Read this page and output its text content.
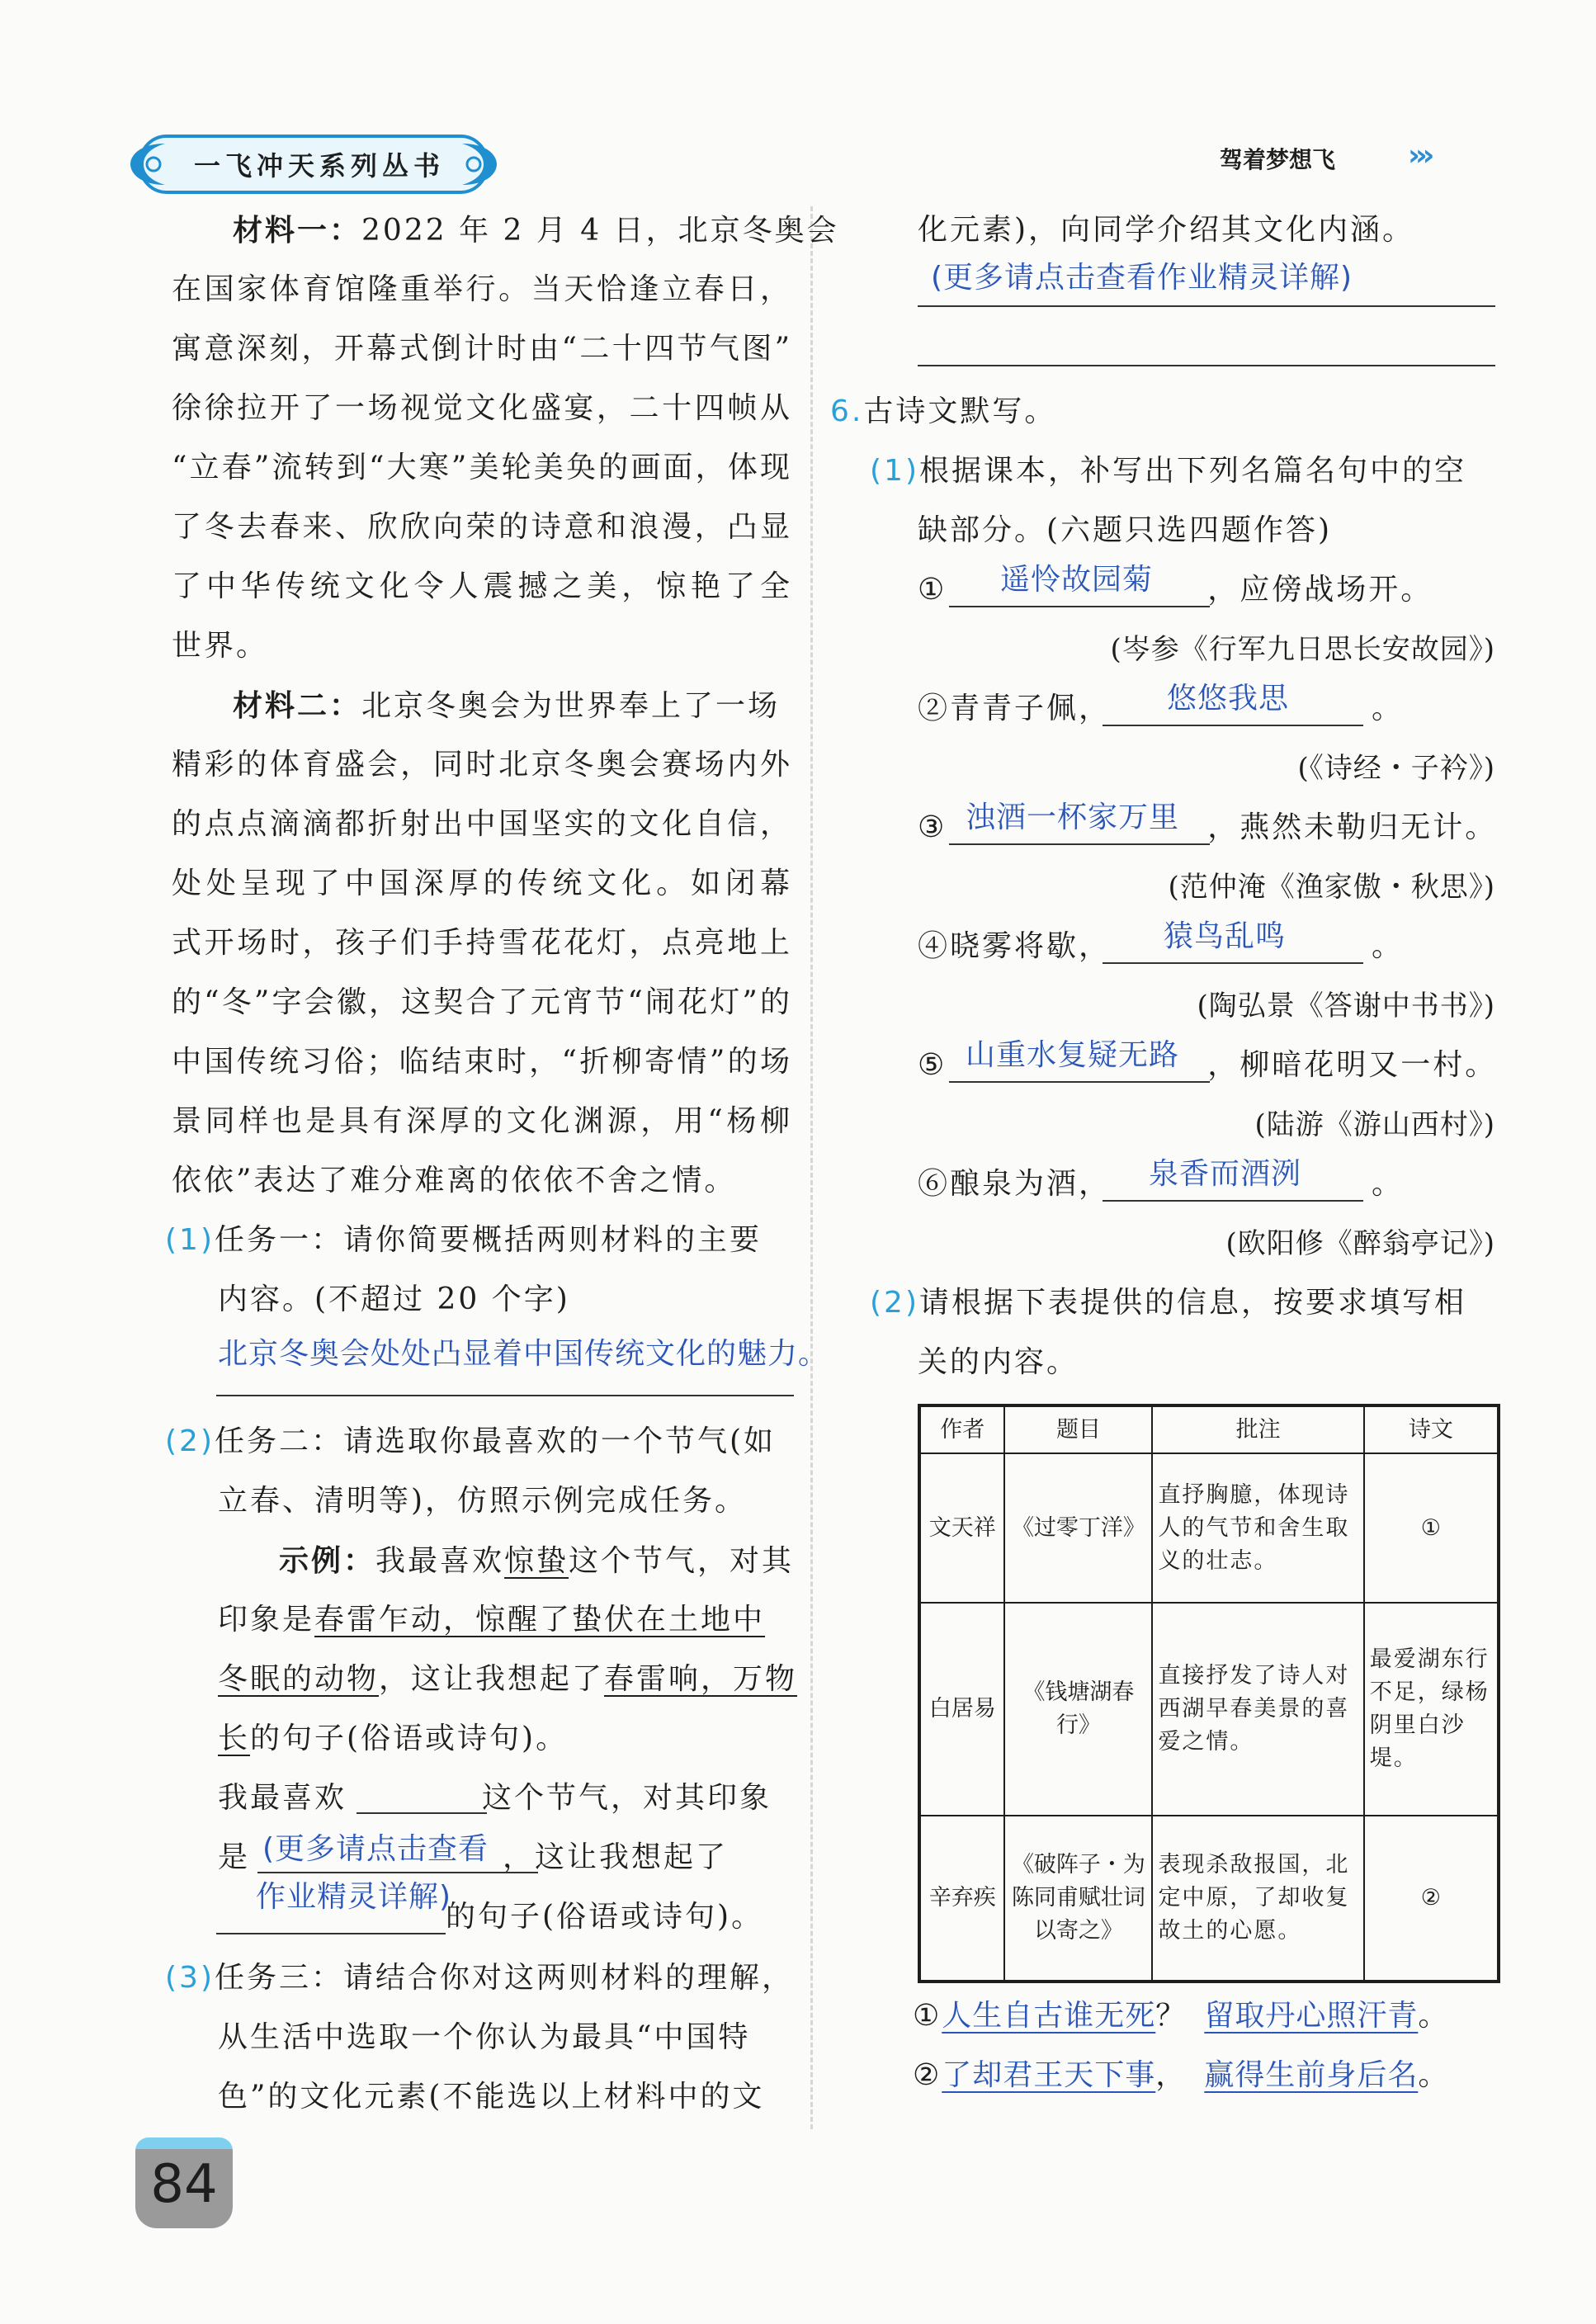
一飞冲天系列丛书	驾着梦想飞 ›››
材料一：2022 年 2 月 4 日，北京冬奥会
在国家体育馆隆重举行。当天恰逢立春日，
寓意深刻，开幕式倒计时由“二十四节气图”
徐徐拉开了一场视觉文化盛宴，二十四帧从
“立春”流转到“大寒”美轮美奂的画面，体现
了冬去春来、欣欣向荣的诗意和浪漫，凸显
了中华传统文化令人震撼之美，惊艳了全
世界。
材料二：北京冬奥会为世界奉上了一场
精彩的体育盛会，同时北京冬奥会赛场内外
的点点滴滴都折射出中国坚实的文化自信，
处处呈现了中国深厚的传统文化。如闭幕
式开场时，孩子们手持雪花花灯，点亮地上
的“冬”字会徽，这契合了元宵节“闹花灯”的
中国传统习俗；临结束时，“折柳寄情”的场
景同样也是具有深厚的文化渊源，用“杨柳
依依”表达了难分难离的依依不舍之情。
(1)任务一：请你简要概括两则材料的主要
内容。(不超过 20 个字)
北京冬奥会处处凸显着中国传统文化的魅力。
(2)任务二：请选取你最喜欢的一个节气(如
立春、清明等)，仿照示例完成任务。
示例：我最喜欢惊蛰这个节气，对其
印象是春雷乍动，惊醒了蛰伏在土地中
冬眠的动物，这让我想起了春雷响，万物
长的句子(俗语或诗句)。
我最喜欢	这个节气，对其印象
是	，这让我想起了
(更多请点击查看
作业精灵详解)
的句子(俗语或诗句)。
(3)任务三：请结合你对这两则材料的理解，
从生活中选取一个你认为最具“中国特
色”的文化元素(不能选以上材料中的文
化元素)，向同学介绍其文化内涵。
(更多请点击查看作业精灵详解)
6.古诗文默写。
(1)根据课本，补写出下列名篇名句中的空
缺部分。(六题只选四题作答)
①	，应傍战场开。
遥怜故园菊
(岑参《行军九日思长安故园》)
②青青子佩，	。
悠悠我思
(《诗经・子衿》)
③	，燕然未勒归无计。
浊酒一杯家万里
(范仲淹《渔家傲・秋思》)
④晓雾将歇，	。
猿鸟乱鸣
(陶弘景《答谢中书书》)
⑤	，柳暗花明又一村。
山重水复疑无路
(陆游《游山西村》)
⑥酿泉为酒，	。
泉香而酒洌
(欧阳修《醉翁亭记》)
(2)请根据下表提供的信息，按要求填写相
关的内容。
作者	题目	批注	诗文
文天祥	《过零丁洋》	直抒胸臆，体现诗人的气节和舍生取义的壮志。	①
白居易	《钱塘湖春行》	直接抒发了诗人对西湖早春美景的喜爱之情。	最爱湖东行不足，绿杨阴里白沙堤。
辛弃疾	《破阵子・为陈同甫赋壮词以寄之》	表现杀敌报国，北定中原，了却收复故土的心愿。	②
①人生自古谁无死？ 留取丹心照汗青。
②了却君王天下事， 赢得生前身后名。
84
